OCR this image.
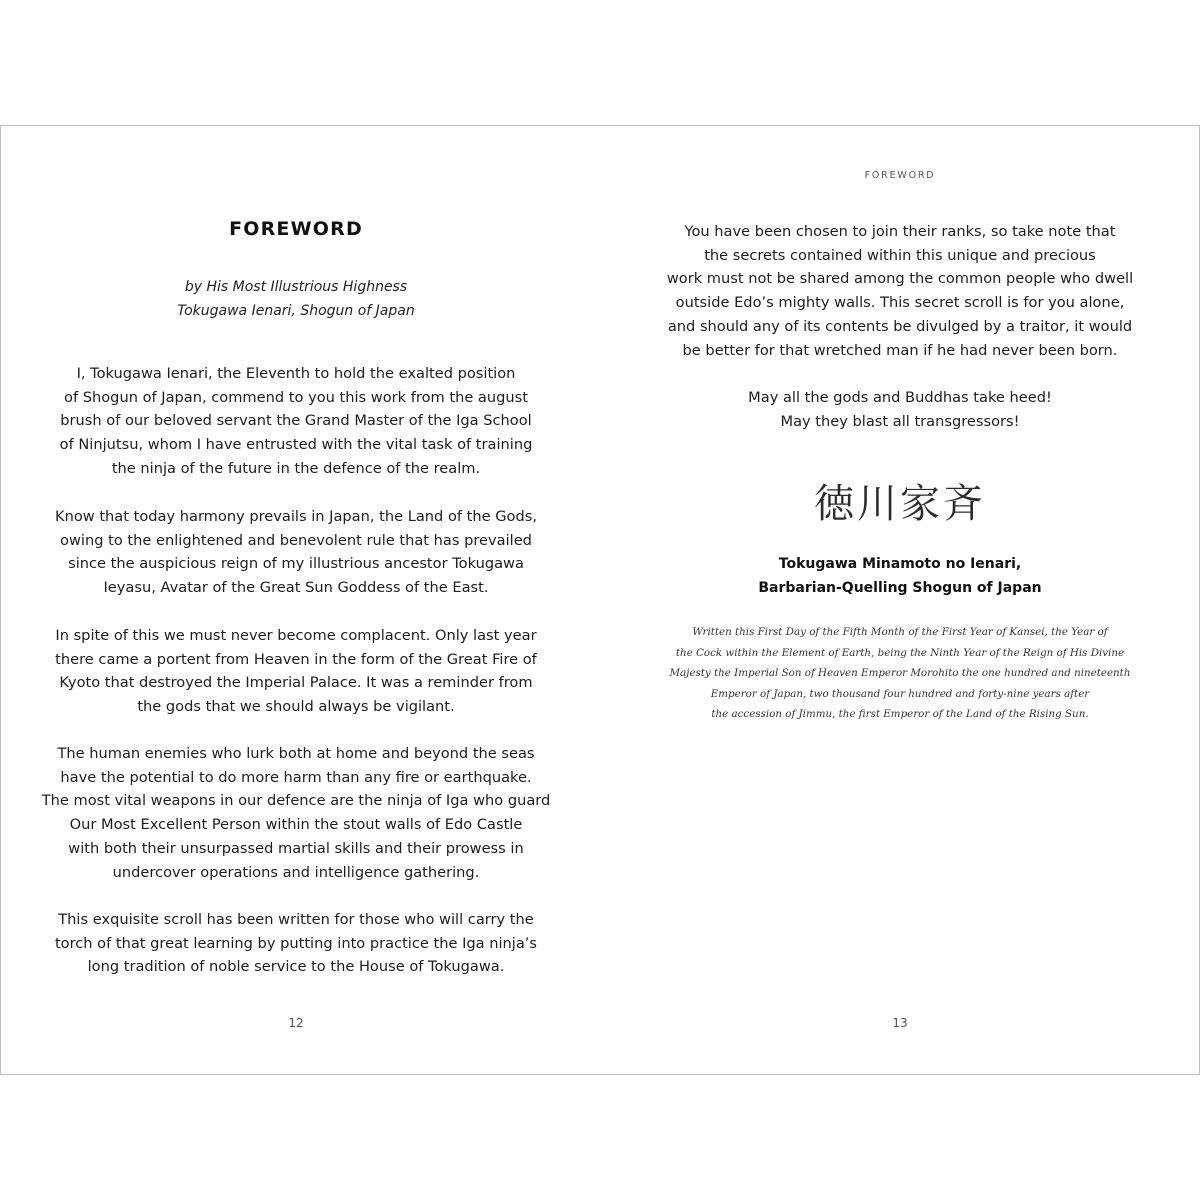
FOREWORD

by His Most Illustrious Highness

Tokugawa Ienari, Shogun of Japan

I, Tokugawa Ienari, the Eleventh to hold the exalted position
of Shogun of Japan, commend to you this work from the august
brush of our beloved servant the Grand Master of the Iga School
of Ninjutsu, whom I have entrusted with the vital task of training
the ninja of the future in the defence of the realm.

Know that today harmony prevails in Japan, the Land of the Gods,
owing to the enlightened and benevolent rule that has prevailed
since the auspicious reign of my illustrious ancestor Tokugawa
Ieyasu, Avatar of the Great Sun Goddess of the East.

In spite of this we must never become complacent. Only last year
there came a portent from Heaven in the form of the Great Fire of
Kyoto that destroyed the Imperial Palace. It was a reminder from
the gods that we should always be vigilant.

The human enemies who lurk both at home and beyond the seas
have the potential to do more harm than any fire or earthquake.
The most vital weapons in our defence are the ninja of Iga who guard
Our Most Excellent Person within the stout walls of Edo Castle
with both their unsurpassed martial skills and their prowess in
undercover operations and intelligence gathering.

This exquisite scroll has been written for those who will carry the
torch of that great learning by putting into practice the Iga ninja’s
long tradition of noble service to the House of Tokugawa.

12
FOREWORD

You have been chosen to join their ranks, so take note that
the secrets contained within this unique and precious
work must not be shared among the common people who dwell
outside Edo’s mighty walls. This secret scroll is for you alone,
and should any of its contents be divulged by a traitor, it would
be better for that wretched man if he had never been born.

May all the gods and Buddhas take heed!
May they blast all transgressors!

徳川家斉
Tokugawa Minamoto no Ienari,
Barbarian-Quelling Shogun of Japan
Written this First Day of the Fifth Month of the First Year of Kansei, the Year of
the Cock within the Element of Earth, being the Ninth Year of the Reign of His Divine
Majesty the Imperial Son of Heaven Emperor Morohito the one hundred and nineteenth
Emperor of Japan, two thousand four hundred and forty-nine years after
the accession of Jimmu, the first Emperor of the Land of the Rising Sun.
13
